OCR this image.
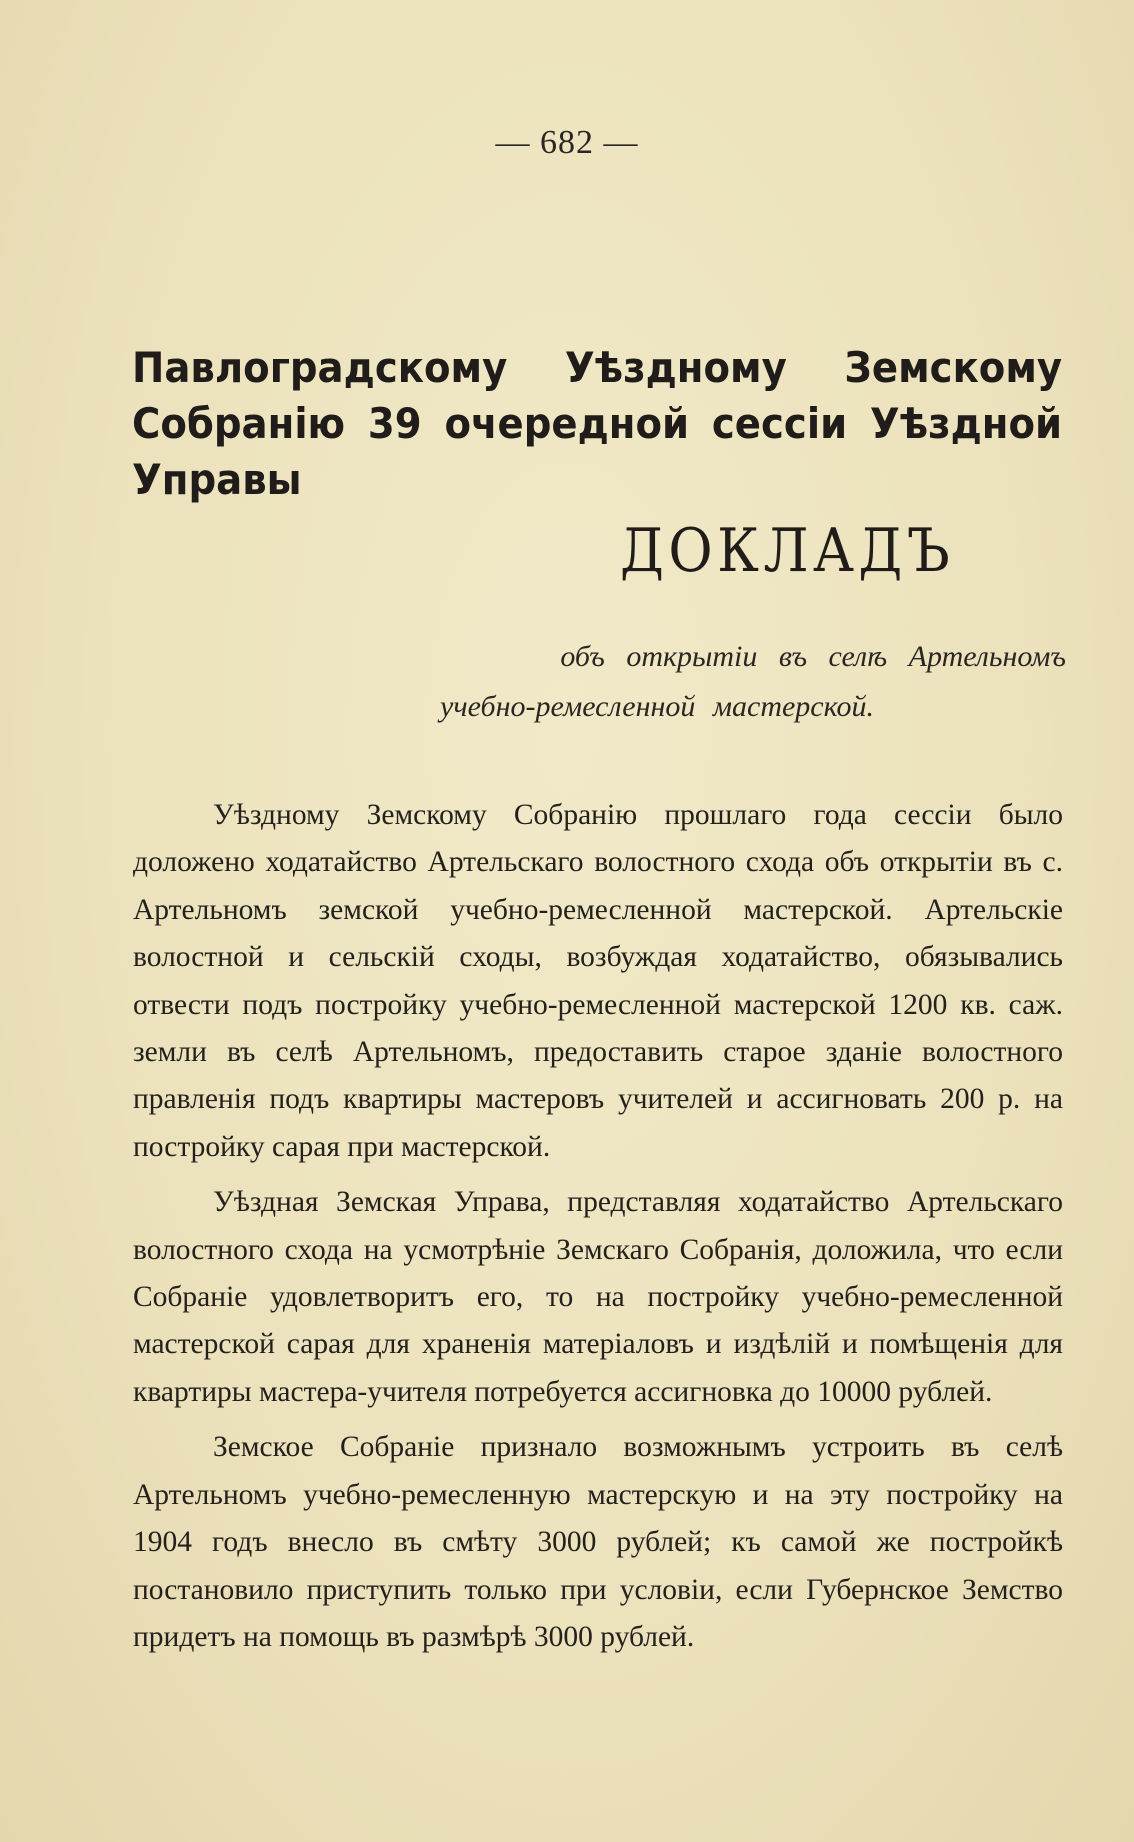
— 682 —
Павлоградскому Уѣздному Земскому Собранію 39 очередной сессіи Уѣздной Управы
ДОКЛАДЪ
объ открытіи въ селѣ Артельномъ
учебно-ремесленной мастерской.

Уѣздному Земскому Собранію прошлаго года сессіи было доложено ходатайство Артельскаго волостного схода объ открытіи въ с. Артельномъ земской учебно-ремесленной мастерской. Артельскіе волостной и сельскій сходы, возбуждая ходатайство, обязывались отвести подъ постройку учебно-ремесленной мастерской 1200 кв. саж. земли въ селѣ Артельномъ, предоставить старое зданіе волостного правленія подъ квартиры мастеровъ учителей и ассигновать 200 р. на постройку сарая при мастерской.

Уѣздная Земская Управа, представляя ходатайство Артельскаго волостного схода на усмотрѣніе Земскаго Собранія, доложила, что если Собраніе удовлетворитъ его, то на постройку учебно-ремесленной мастерской сарая для храненія матеріаловъ и издѣлій и помѣщенія для квартиры мастера-учителя потребуется ассигновка до 10000 рублей.

Земское Собраніе признало возможнымъ устроить въ селѣ Артельномъ учебно-ремесленную мастерскую и на эту постройку на 1904 годъ внесло въ смѣту 3000 рублей; къ самой же постройкѣ постановило приступить только при условіи, если Губернское Земство придетъ на помощь въ размѣрѣ 3000 рублей.
